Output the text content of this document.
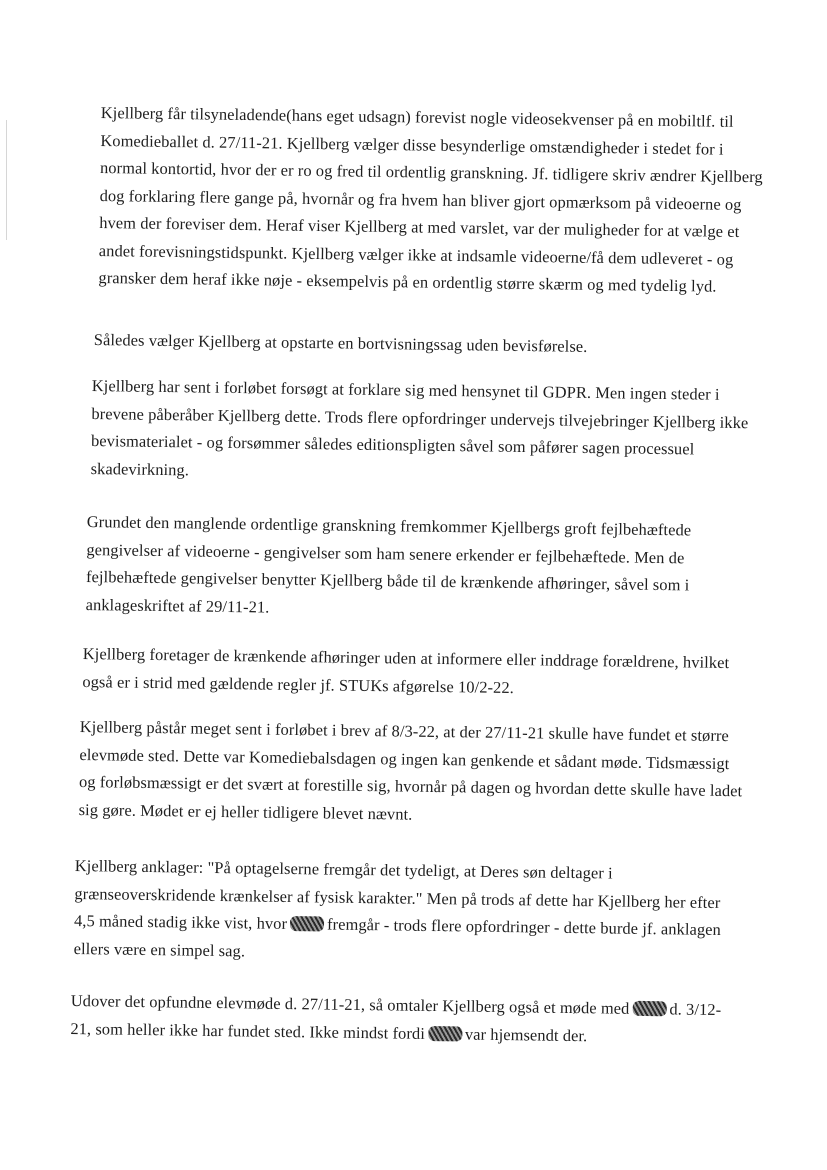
Kjellberg får tilsyneladende(hans eget udsagn) forevist nogle videosekvenser på en mobiltlf. til

Komedieballet d. 27/11-21. Kjellberg vælger disse besynderlige omstændigheder i stedet for i

normal kontortid, hvor der er ro og fred til ordentlig granskning. Jf. tidligere skriv ændrer Kjellberg

dog forklaring flere gange på, hvornår og fra hvem han bliver gjort opmærksom på videoerne og

hvem der foreviser dem. Heraf viser Kjellberg at med varslet, var der muligheder for at vælge et

andet forevisningstidspunkt. Kjellberg vælger ikke at indsamle videoerne/få dem udleveret - og

gransker dem heraf ikke nøje - eksempelvis på en ordentlig større skærm og med tydelig lyd.

Således vælger Kjellberg at opstarte en bortvisningssag uden bevisførelse.

Kjellberg har sent i forløbet forsøgt at forklare sig med hensynet til GDPR. Men ingen steder i

brevene påberåber Kjellberg dette. Trods flere opfordringer undervejs tilvejebringer Kjellberg ikke

bevismaterialet - og forsømmer således editionspligten såvel som påfører sagen processuel

skadevirkning.

Grundet den manglende ordentlige granskning fremkommer Kjellbergs groft fejlbehæftede

gengivelser af videoerne - gengivelser som ham senere erkender er fejlbehæftede. Men de

fejlbehæftede gengivelser benytter Kjellberg både til de krænkende afhøringer, såvel som i

anklageskriftet af 29/11-21.

Kjellberg foretager de krænkende afhøringer uden at informere eller inddrage forældrene, hvilket

også er i strid med gældende regler jf. STUKs afgørelse 10/2-22.

Kjellberg påstår meget sent i forløbet i brev af 8/3-22, at der 27/11-21 skulle have fundet et større

elevmøde sted. Dette var Komediebalsdagen og ingen kan genkende et sådant møde. Tidsmæssigt

og forløbsmæssigt er det svært at forestille sig, hvornår på dagen og hvordan dette skulle have ladet

sig gøre. Mødet er ej heller tidligere blevet nævnt.

Kjellberg anklager: "På optagelserne fremgår det tydeligt, at Deres søn deltager i

grænseoverskridende krænkelser af fysisk karakter." Men på trods af dette har Kjellberg her efter

4,5 måned stadig ikke vist, hvor fremgår - trods flere opfordringer - dette burde jf. anklagen

ellers være en simpel sag.

Udover det opfundne elevmøde d. 27/11-21, så omtaler Kjellberg også et møde med d. 3/12-

21, som heller ikke har fundet sted. Ikke mindst fordi var hjemsendt der.
